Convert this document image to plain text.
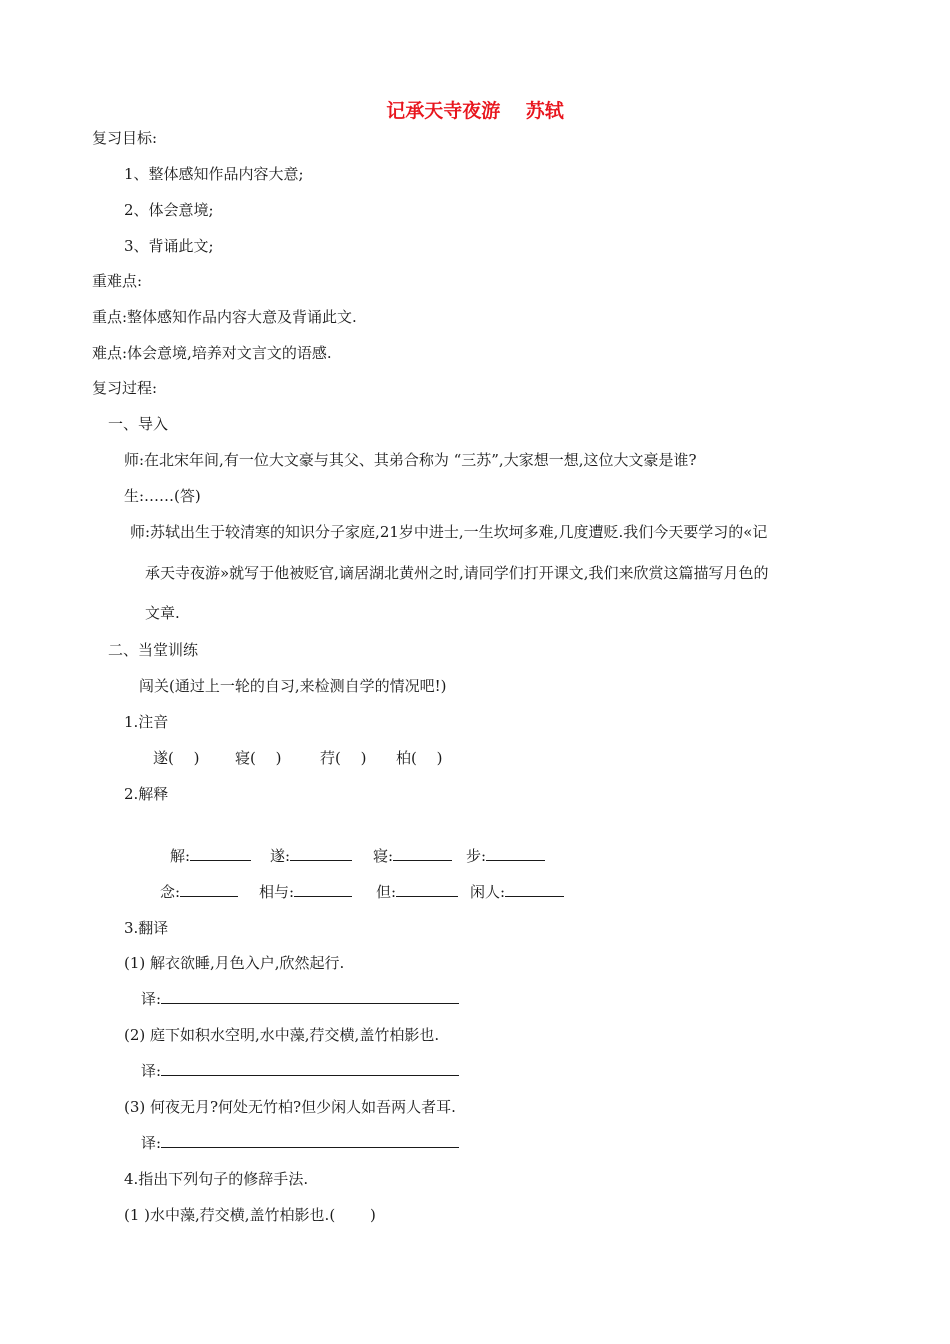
记承天寺夜游　 苏轼
复习目标:
1、整体感知作品内容大意;
2、体会意境;
3、背诵此文;
重难点:
重点:整体感知作品内容大意及背诵此文.
难点:体会意境,培养对文言文的语感.
复习过程:
一、导入
师:在北宋年间,有一位大文豪与其父、其弟合称为 “三苏”,大家想一想,这位大文豪是谁?
生:……(答)
师:苏轼出生于较清寒的知识分子家庭,21岁中进士,一生坎坷多难,几度遭贬.我们今天要学习的«记
承天寺夜游»就写于他被贬官,谪居湖北黄州之时,请同学们打开课文,我们来欣赏这篇描写月色的
文章.
二、当堂训练
闯关(通过上一轮的自习,来检测自学的情况吧!)
1.注音
遂(　 ) 寝(　 )	荇(　 ) 柏(　 )
2.解释
解:	遂:	寝:	步:
念:	相与:	但:	闲人:
3.翻译
(1) 解衣欲睡,月色入户,欣然起行.
译:
(2) 庭下如积水空明,水中藻,荇交横,盖竹柏影也.
译:
(3) 何夜无月?何处无竹柏?但少闲人如吾两人者耳.
译:
4.指出下列句子的修辞手法.
(1 )水中藻,荇交横,盖竹柏影也.(　　 )
